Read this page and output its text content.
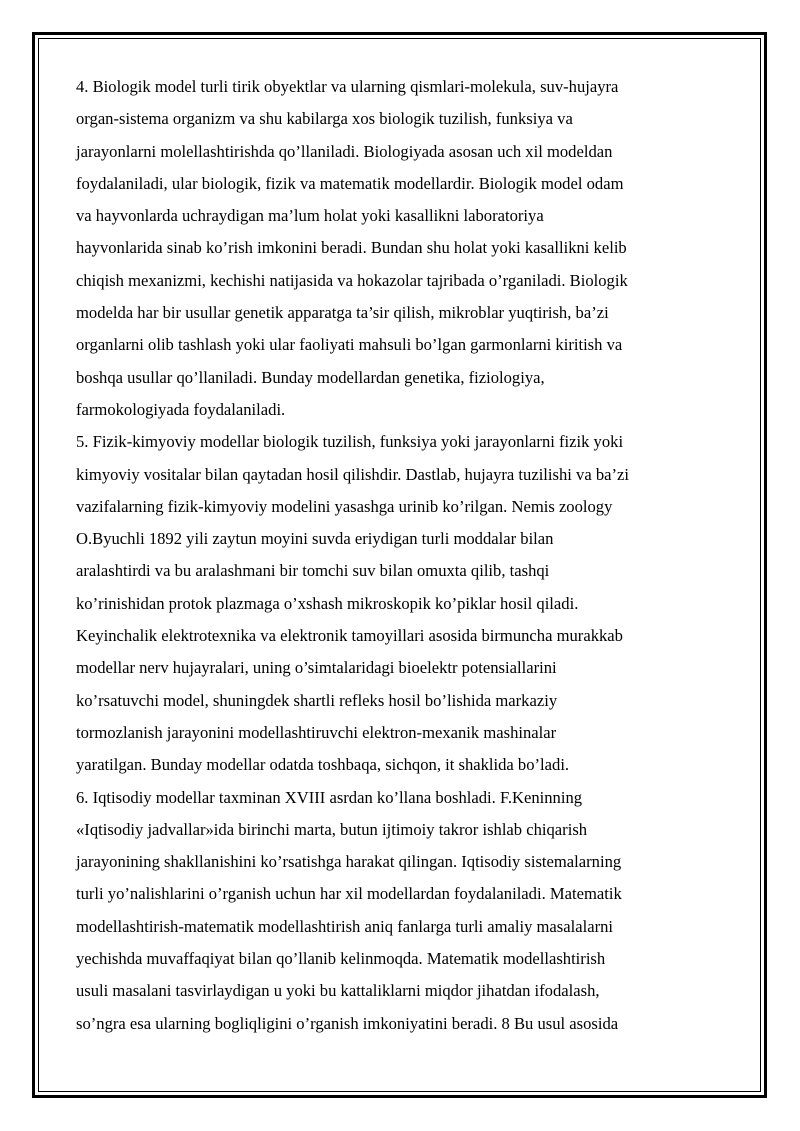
4. Biologik model turli tirik obyektlar va ularning qismlari-molekula, suv-hujayra
organ-sistema organizm va shu kabilarga xos biologik tuzilish, funksiya va
jarayonlarni molellashtirishda qo’llaniladi. Biologiyada asosan uch xil modeldan
foydalaniladi, ular biologik, fizik va matematik modellardir. Biologik model odam
va hayvonlarda uchraydigan ma’lum holat yoki kasallikni laboratoriya
hayvonlarida sinab ko’rish imkonini beradi. Bundan shu holat yoki kasallikni kelib
chiqish mexanizmi, kechishi natijasida va hokazolar tajribada o’rganiladi. Biologik
modelda har bir usullar genetik apparatga ta’sir qilish, mikroblar yuqtirish, ba’zi
organlarni olib tashlash yoki ular faoliyati mahsuli bo’lgan garmonlarni kiritish va
boshqa usullar qo’llaniladi. Bunday modellardan genetika, fiziologiya,
farmokologiyada foydalaniladi.
5. Fizik-kimyoviy modellar biologik tuzilish, funksiya yoki jarayonlarni fizik yoki
kimyoviy vositalar bilan qaytadan hosil qilishdir. Dastlab, hujayra tuzilishi va ba’zi
vazifalarning fizik-kimyoviy modelini yasashga urinib ko’rilgan. Nemis zoology
O.Byuchli 1892 yili zaytun moyini suvda eriydigan turli moddalar bilan
aralashtirdi va bu aralashmani bir tomchi suv bilan omuxta qilib, tashqi
ko’rinishidan protok plazmaga o’xshash mikroskopik ko’piklar hosil qiladi.
Keyinchalik elektrotexnika va elektronik tamoyillari asosida birmuncha murakkab
modellar nerv hujayralari, uning o’simtalaridagi bioelektr potensiallarini
ko’rsatuvchi model, shuningdek shartli refleks hosil bo’lishida markaziy
tormozlanish jarayonini modellashtiruvchi elektron-mexanik mashinalar
yaratilgan. Bunday modellar odatda toshbaqa, sichqon, it shaklida bo’ladi.
6. Iqtisodiy modellar taxminan XVIII asrdan ko’llana boshladi. F.Keninning
«Iqtisodiy jadvallar»ida birinchi marta, butun ijtimoiy takror ishlab chiqarish
jarayonining shakllanishini ko’rsatishga harakat qilingan. Iqtisodiy sistemalarning
turli yo’nalishlarini o’rganish uchun har xil modellardan foydalaniladi. Matematik
modellashtirish-matematik modellashtirish aniq fanlarga turli amaliy masalalarni
yechishda muvaffaqiyat bilan qo’llanib kelinmoqda. Matematik modellashtirish
usuli masalani tasvirlaydigan u yoki bu kattaliklarni miqdor jihatdan ifodalash,
so’ngra esa ularning bogliqligini o’rganish imkoniyatini beradi. 8 Bu usul asosida
